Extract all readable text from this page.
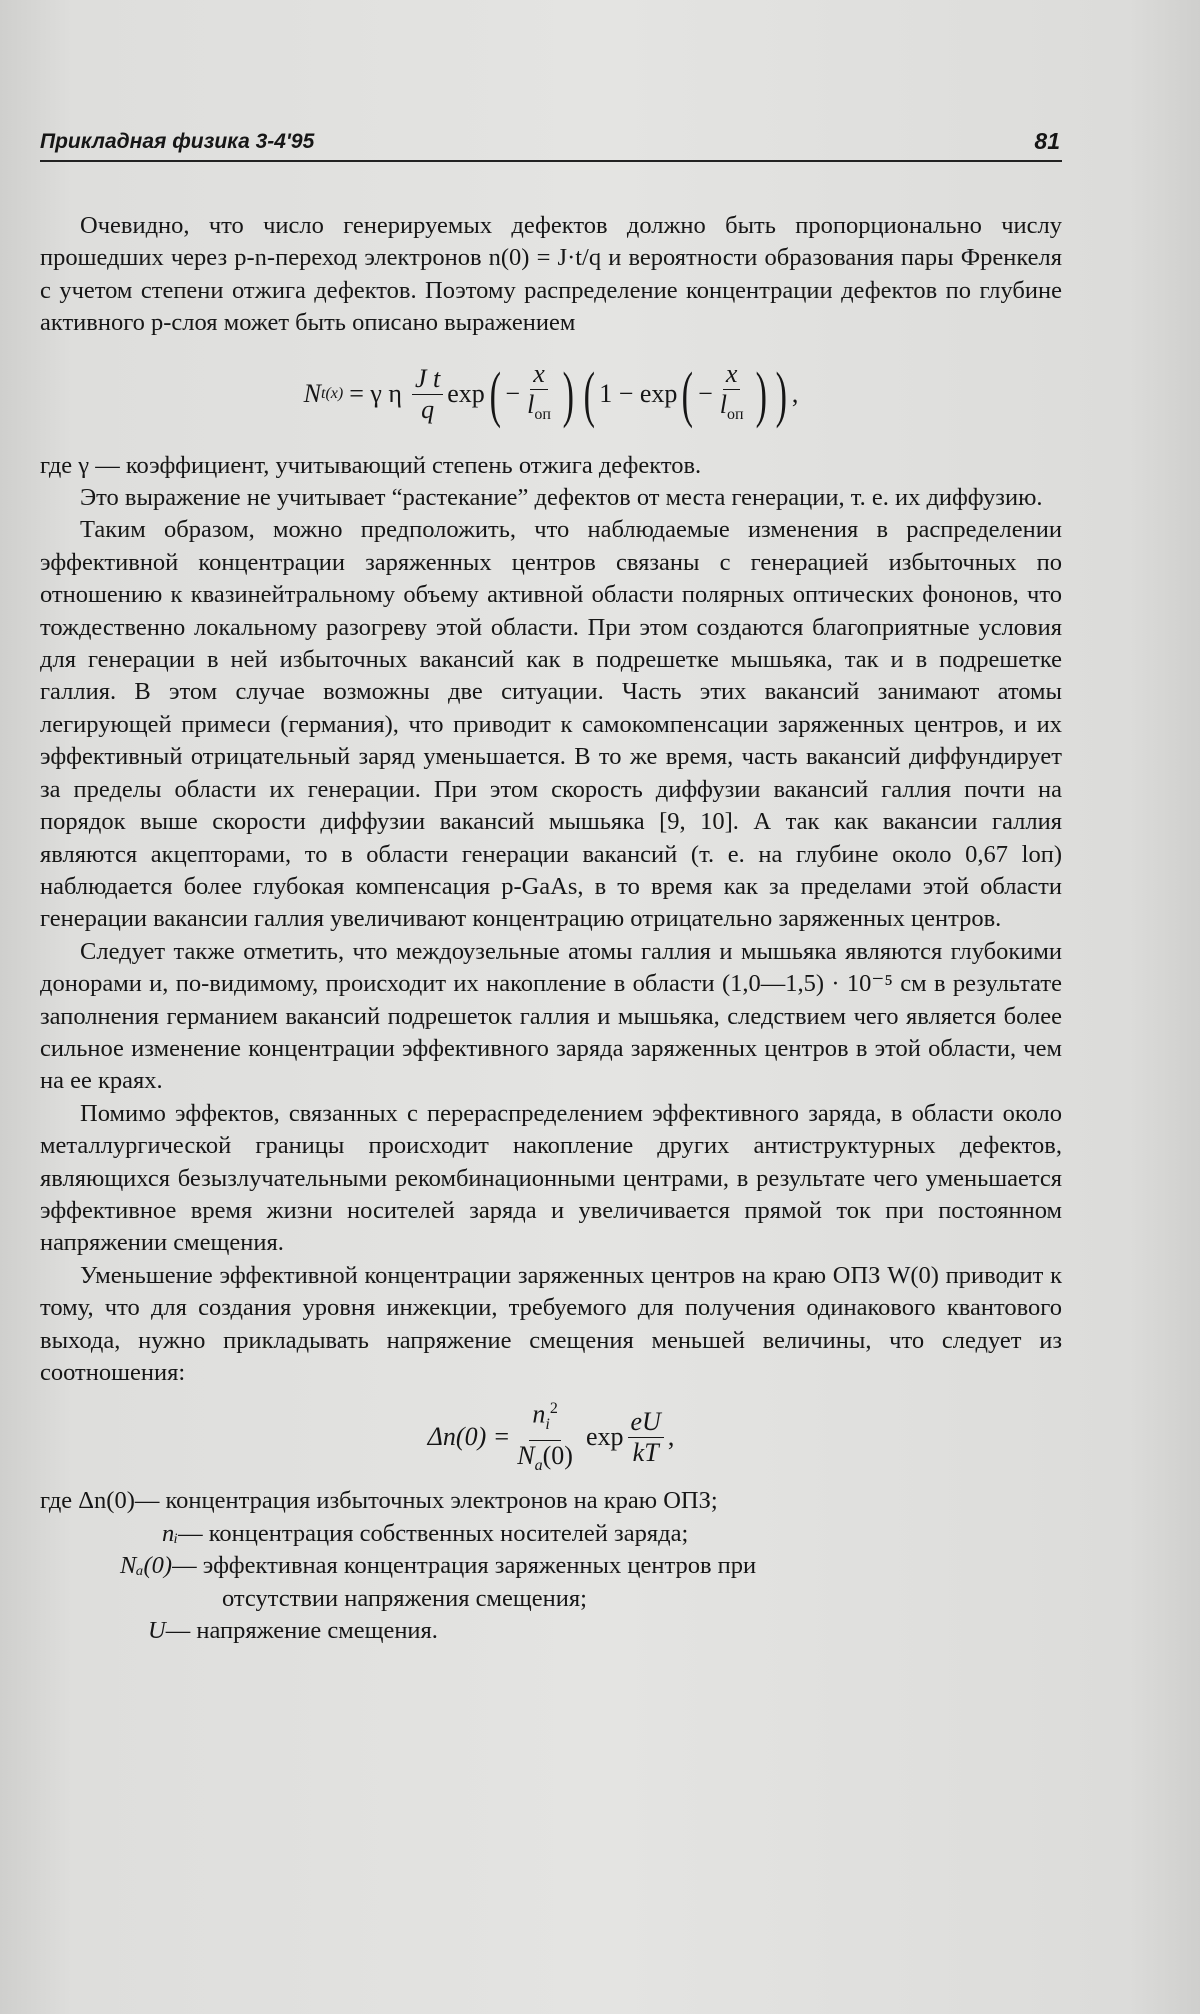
Прикладная физика 3-4'95	81

Очевидно, что число генерируемых дефектов должно быть пропорционально числу прошедших через p-n-переход электронов n(0) = J·t/q и вероятности образования пары Френкеля с учетом степени отжига дефектов. Поэтому распределение концентрации дефектов по глубине активного p-слоя может быть описано выражением

N t(x) = γ η $\frac{\text{J t}}{q}$ exp ( − $\frac{x}{l_{оп}}$ ) ( 1 − exp ( − $\frac{x}{l_{оп}}$ ) ) ,

где γ — коэффициент, учитывающий степень отжига дефектов.

Это выражение не учитывает “растекание” дефектов от места генерации, т. е. их диффузию.

Таким образом, можно предположить, что наблюдаемые изменения в распределении эффективной концентрации заряженных центров связаны с генерацией избыточных по отношению к квазинейтральному объему активной области полярных оптических фононов, что тождественно локальному разогреву этой области. При этом создаются благоприятные условия для генерации в ней избыточных вакансий как в подрешетке мышьяка, так и в подрешетке галлия. В этом случае возможны две ситуации. Часть этих вакансий занимают атомы легирующей примеси (германия), что приводит к самокомпенсации заряженных центров, и их эффективный отрицательный заряд уменьшается. В то же время, часть вакансий диффундирует за пределы области их генерации. При этом скорость диффузии вакансий галлия почти на порядок выше скорости диффузии вакансий мышьяка [9, 10]. А так как вакансии галлия являются акцепторами, то в области генерации вакансий (т. е. на глубине около 0,67 lоп) наблюдается более глубокая компенсация p-GaAs, в то время как за пределами этой области генерации вакансии галлия увеличивают концентрацию отрицательно заряженных центров.

Следует также отметить, что междоузельные атомы галлия и мышьяка являются глубокими донорами и, по-видимому, происходит их накопление в области (1,0—1,5) · 10⁻⁵ см в результате заполнения германием вакансий подрешеток галлия и мышьяка, следствием чего является более сильное изменение концентрации эффективного заряда заряженных центров в этой области, чем на ее краях.

Помимо эффектов, связанных с перераспределением эффективного заряда, в области около металлургической границы происходит накопление других антиструктурных дефектов, являющихся безызлучательными рекомбинационными центрами, в результате чего уменьшается эффективное время жизни носителей заряда и увеличивается прямой ток при постоянном напряжении смещения.

Уменьшение эффективной концентрации заряженных центров на краю ОПЗ W(0) приводит к тому, что для создания уровня инжекции, требуемого для получения одинакового квантового выхода, нужно прикладывать напряжение смещения меньшей величины, что следует из соотношения:

$\Delta n(0) = \frac{n_i^2}{N_a(0)}$ $\exp \frac{eU}{kT}$ ,
где Δn(0) — концентрация избыточных электронов на краю ОПЗ;
nᵢ — концентрация собственных носителей заряда;
Nₐ(0) — эффективная концентрация заряженных центров при
отсутствии напряжения смещения;
U — напряжение смещения.
